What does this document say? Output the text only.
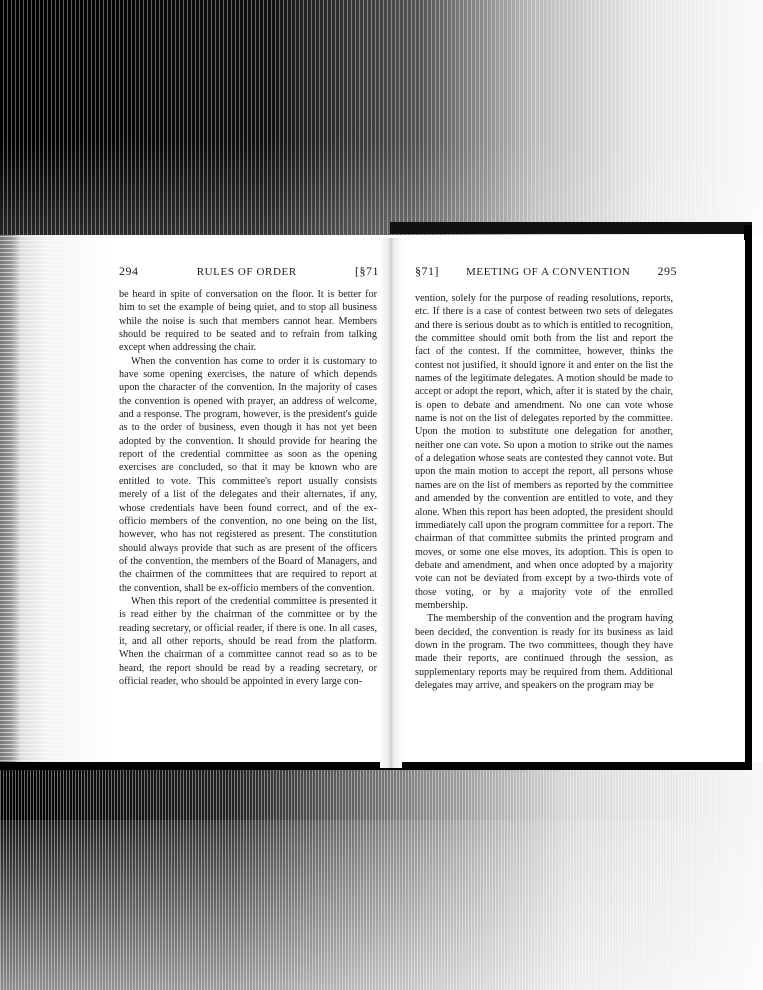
294	RULES OF ORDER	[§71

be heard in spite of conversation on the floor. It is better for him to set the example of being quiet, and to stop all business while the noise is such that members cannot hear. Members should be required to be seated and to refrain from talking except when addressing the chair.

When the convention has come to order it is customary to have some opening exercises, the nature of which depends upon the character of the convention. In the majority of cases the convention is opened with prayer, an address of welcome, and a response. The program, however, is the president's guide as to the order of business, even though it has not yet been adopted by the convention. It should provide for hearing the report of the credential committee as soon as the opening exercises are concluded, so that it may be known who are entitled to vote. This committee's report usually consists merely of a list of the delegates and their alternates, if any, whose credentials have been found correct, and of the ex-officio members of the convention, no one being on the list, however, who has not registered as present. The constitution should always provide that such as are present of the officers of the convention, the members of the Board of Managers, and the chairmen of the committees that are required to report at the convention, shall be ex-officio members of the convention.

When this report of the credential committee is presented it is read either by the chairman of the committee or by the reading secretary, or official reader, if there is one. In all cases, it, and all other reports, should be read from the platform. When the chairman of a committee cannot read so as to be heard, the report should be read by a reading secretary, or official reader, who should be appointed in every large con-

§71] MEETING OF A CONVENTION 295

vention, solely for the purpose of reading resolutions, reports, etc. If there is a case of contest between two sets of delegates and there is serious doubt as to which is entitled to recognition, the committee should omit both from the list and report the fact of the contest. If the committee, however, thinks the contest not justified, it should ignore it and enter on the list the names of the legitimate delegates. A motion should be made to accept or adopt the report, which, after it is stated by the chair, is open to debate and amendment. No one can vote whose name is not on the list of delegates reported by the committee. Upon the motion to substitute one delegation for another, neither one can vote. So upon a motion to strike out the names of a delegation whose seats are contested they cannot vote. But upon the main motion to accept the report, all persons whose names are on the list of members as reported by the committee and amended by the convention are entitled to vote, and they alone. When this report has been adopted, the president should immediately call upon the program committee for a report. The chairman of that committee submits the printed program and moves, or some one else moves, its adoption. This is open to debate and amendment, and when once adopted by a majority vote can not be deviated from except by a two-thirds vote of those voting, or by a majority vote of the enrolled membership.

The membership of the convention and the program having been decided, the convention is ready for its business as laid down in the program. The two committees, though they have made their reports, are continued through the session, as supplementary reports may be required from them. Additional delegates may arrive, and speakers on the program may be
